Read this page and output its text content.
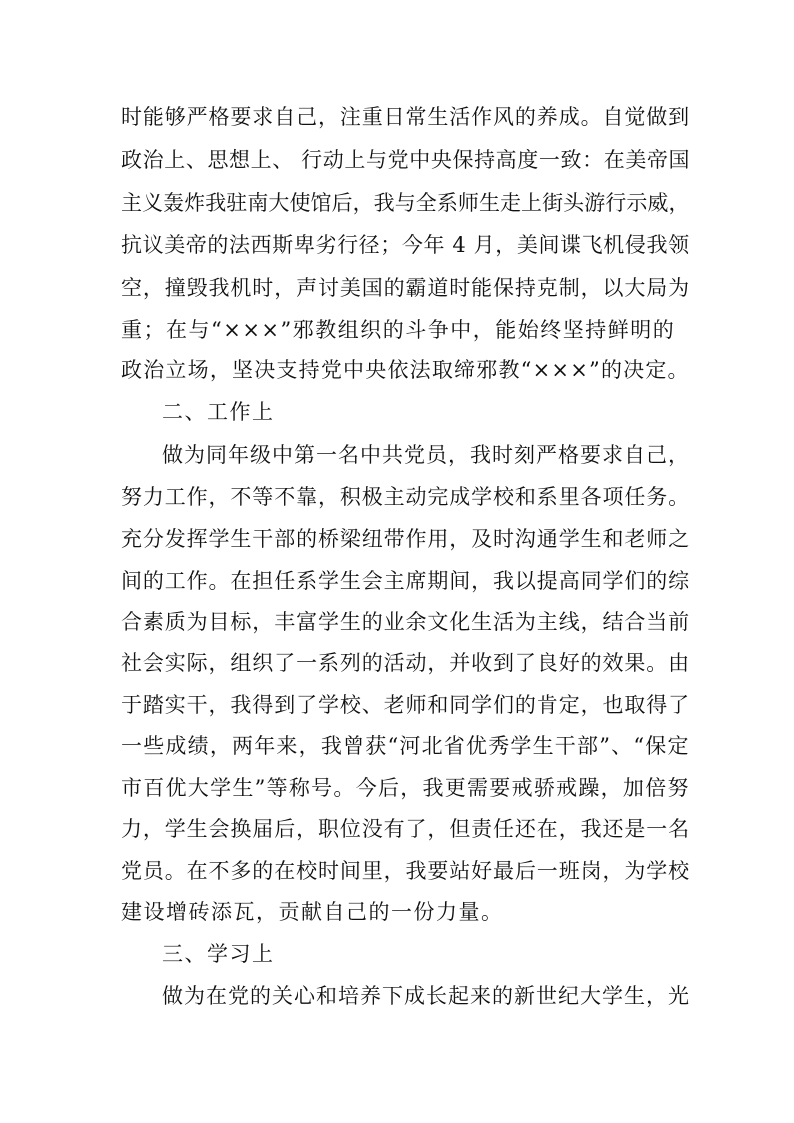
时能够严格要求自己，注重日常生活作风的养成。自觉做到
政治上、思想上、 行动上与党中央保持高度一致：在美帝国
主义轰炸我驻南大使馆后，我与全系师生走上街头游行示威，
抗议美帝的法西斯卑劣行径；今年 4 月，美间谍飞机侵我领
空，撞毁我机时，声讨美国的霸道时能保持克制，以大局为
重；在与“×××”邪教组织的斗争中，能始终坚持鲜明的
政治立场，坚决支持党中央依法取缔邪教“×××”的决定。
二、工作上
做为同年级中第一名中共党员，我时刻严格要求自己，
努力工作，不等不靠，积极主动完成学校和系里各项任务。
充分发挥学生干部的桥梁纽带作用，及时沟通学生和老师之
间的工作。在担任系学生会主席期间，我以提高同学们的综
合素质为目标，丰富学生的业余文化生活为主线，结合当前
社会实际，组织了一系列的活动，并收到了良好的效果。由
于踏实干，我得到了学校、老师和同学们的肯定，也取得了
一些成绩，两年来，我曾获“河北省优秀学生干部”、“保定
市百优大学生”等称号。今后，我更需要戒骄戒躁，加倍努
力，学生会换届后，职位没有了，但责任还在，我还是一名
党员。在不多的在校时间里，我要站好最后一班岗，为学校
建设增砖添瓦，贡献自己的一份力量。
三、学习上
做为在党的关心和培养下成长起来的新世纪大学生，光
